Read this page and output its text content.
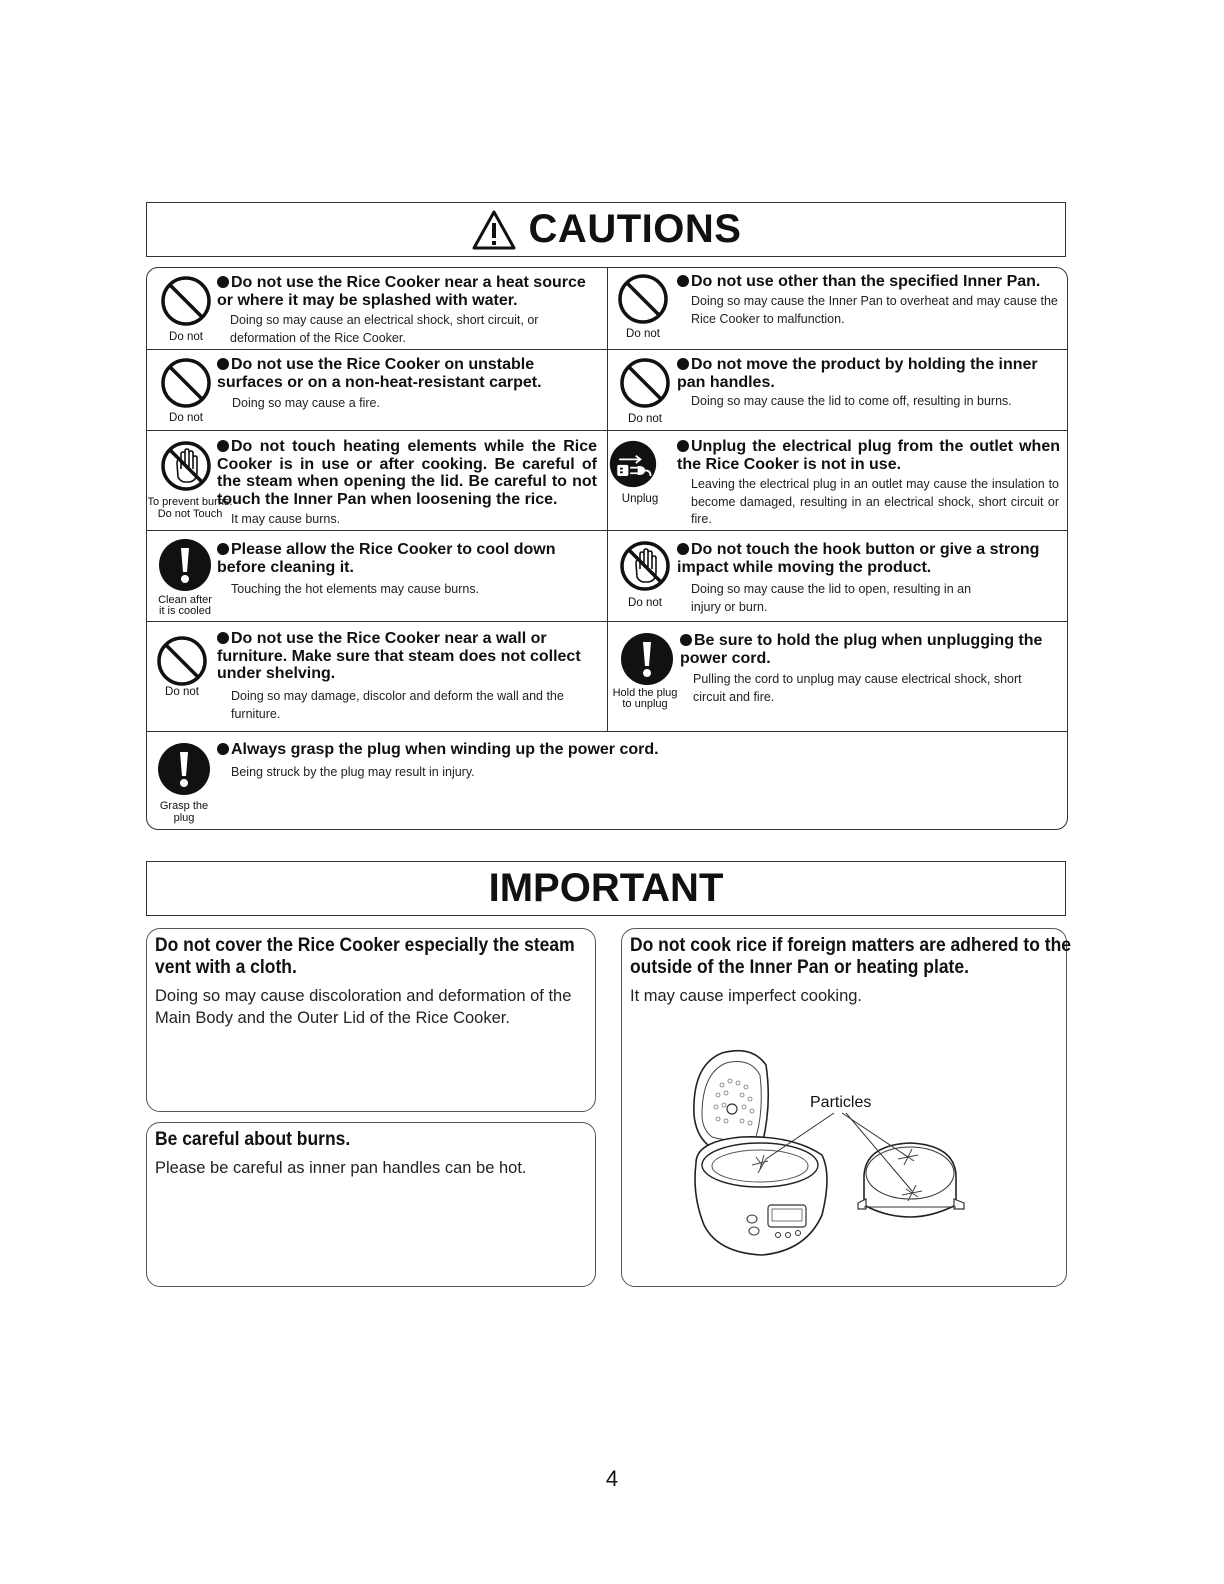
CAUTIONS
Do not
Do not use the Rice Cooker near a heat source or where it may be splashed with water.
Doing so may cause an electrical shock, short circuit, or deformation of the Rice Cooker.	Do not
Do not use other than the specified Inner Pan.
Doing so may cause the Inner Pan to overheat and may cause the Rice Cooker to malfunction.
Do not
Do not use the Rice Cooker on unstable surfaces or on a non-heat-resistant carpet.
Doing so may cause a fire.
Do not
Do not move the product by holding the inner pan handles.
Doing so may cause the lid to come off, resulting in burns.
To prevent burns.
Do not Touch
Do not touch heating elements while the Rice Cooker is in use or after cooking. Be careful of the steam when opening the lid. Be careful to not touch the Inner Pan when loosening the rice.
It may cause burns.
Unplug
Unplug the electrical plug from the outlet when the Rice Cooker is not in use.
Leaving the electrical plug in an outlet may cause the insulation to become damaged, resulting in an electrical shock, short circuit or fire.
Clean after
it is cooled
Please allow the Rice Cooker to cool down before cleaning it.
Touching the hot elements may cause burns.
Do not
Do not touch the hook button or give a strong impact while moving the product.
Doing so may cause the lid to open, resulting in an injury or burn.
Do not
Do not use the Rice Cooker near a wall or furniture. Make sure that steam does not collect under shelving.
Doing so may damage, discolor and deform the wall and the furniture.
Hold the plug
to unplug
Be sure to hold the plug when unplugging the power cord.
Pulling the cord to unplug may cause electrical shock, short circuit and fire.
Grasp the plug
Always grasp the plug when winding up the power cord.
Being struck by the plug may result in injury.
IMPORTANT
Do not cover the Rice Cooker especially the steam vent with a cloth.
Doing so may cause discoloration and deformation of the Main Body and the Outer Lid of the Rice Cooker.
Be careful about burns.
Please be careful as inner pan handles can be hot.
Do not cook rice if foreign matters are adhered to the outside of the Inner Pan or heating plate.
It may cause imperfect cooking.
Particles
4
